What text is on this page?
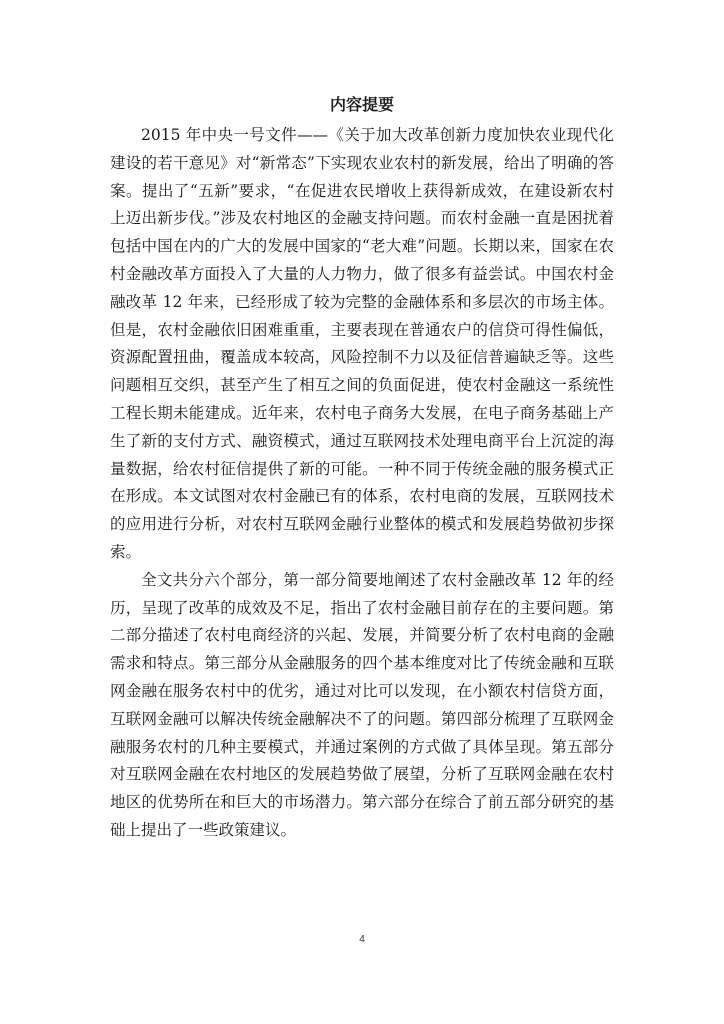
内容提要

2015 年中央一号文件——《关于加大改革创新力度加快农业现代化建设的若干意见》对“新常态”下实现农业农村的新发展，给出了明确的答案。提出了“五新”要求，“在促进农民增收上获得新成效，在建设新农村上迈出新步伐。”涉及农村地区的金融支持问题。而农村金融一直是困扰着包括中国在内的广大的发展中国家的“老大难”问题。长期以来，国家在农村金融改革方面投入了大量的人力物力，做了很多有益尝试。中国农村金融改革 12 年来，已经形成了较为完整的金融体系和多层次的市场主体。但是，农村金融依旧困难重重，主要表现在普通农户的信贷可得性偏低，资源配置扭曲，覆盖成本较高，风险控制不力以及征信普遍缺乏等。这些问题相互交织，甚至产生了相互之间的负面促进，使农村金融这一系统性工程长期未能建成。近年来，农村电子商务大发展，在电子商务基础上产生了新的支付方式、融资模式，通过互联网技术处理电商平台上沉淀的海量数据，给农村征信提供了新的可能。一种不同于传统金融的服务模式正在形成。本文试图对农村金融已有的体系，农村电商的发展，互联网技术的应用进行分析，对农村互联网金融行业整体的模式和发展趋势做初步探索。

全文共分六个部分，第一部分简要地阐述了农村金融改革 12 年的经历，呈现了改革的成效及不足，指出了农村金融目前存在的主要问题。第二部分描述了农村电商经济的兴起、发展，并简要分析了农村电商的金融需求和特点。第三部分从金融服务的四个基本维度对比了传统金融和互联网金融在服务农村中的优劣，通过对比可以发现，在小额农村信贷方面，互联网金融可以解决传统金融解决不了的问题。第四部分梳理了互联网金融服务农村的几种主要模式，并通过案例的方式做了具体呈现。第五部分对互联网金融在农村地区的发展趋势做了展望，分析了互联网金融在农村地区的优势所在和巨大的市场潜力。第六部分在综合了前五部分研究的基础上提出了一些政策建议。

4
